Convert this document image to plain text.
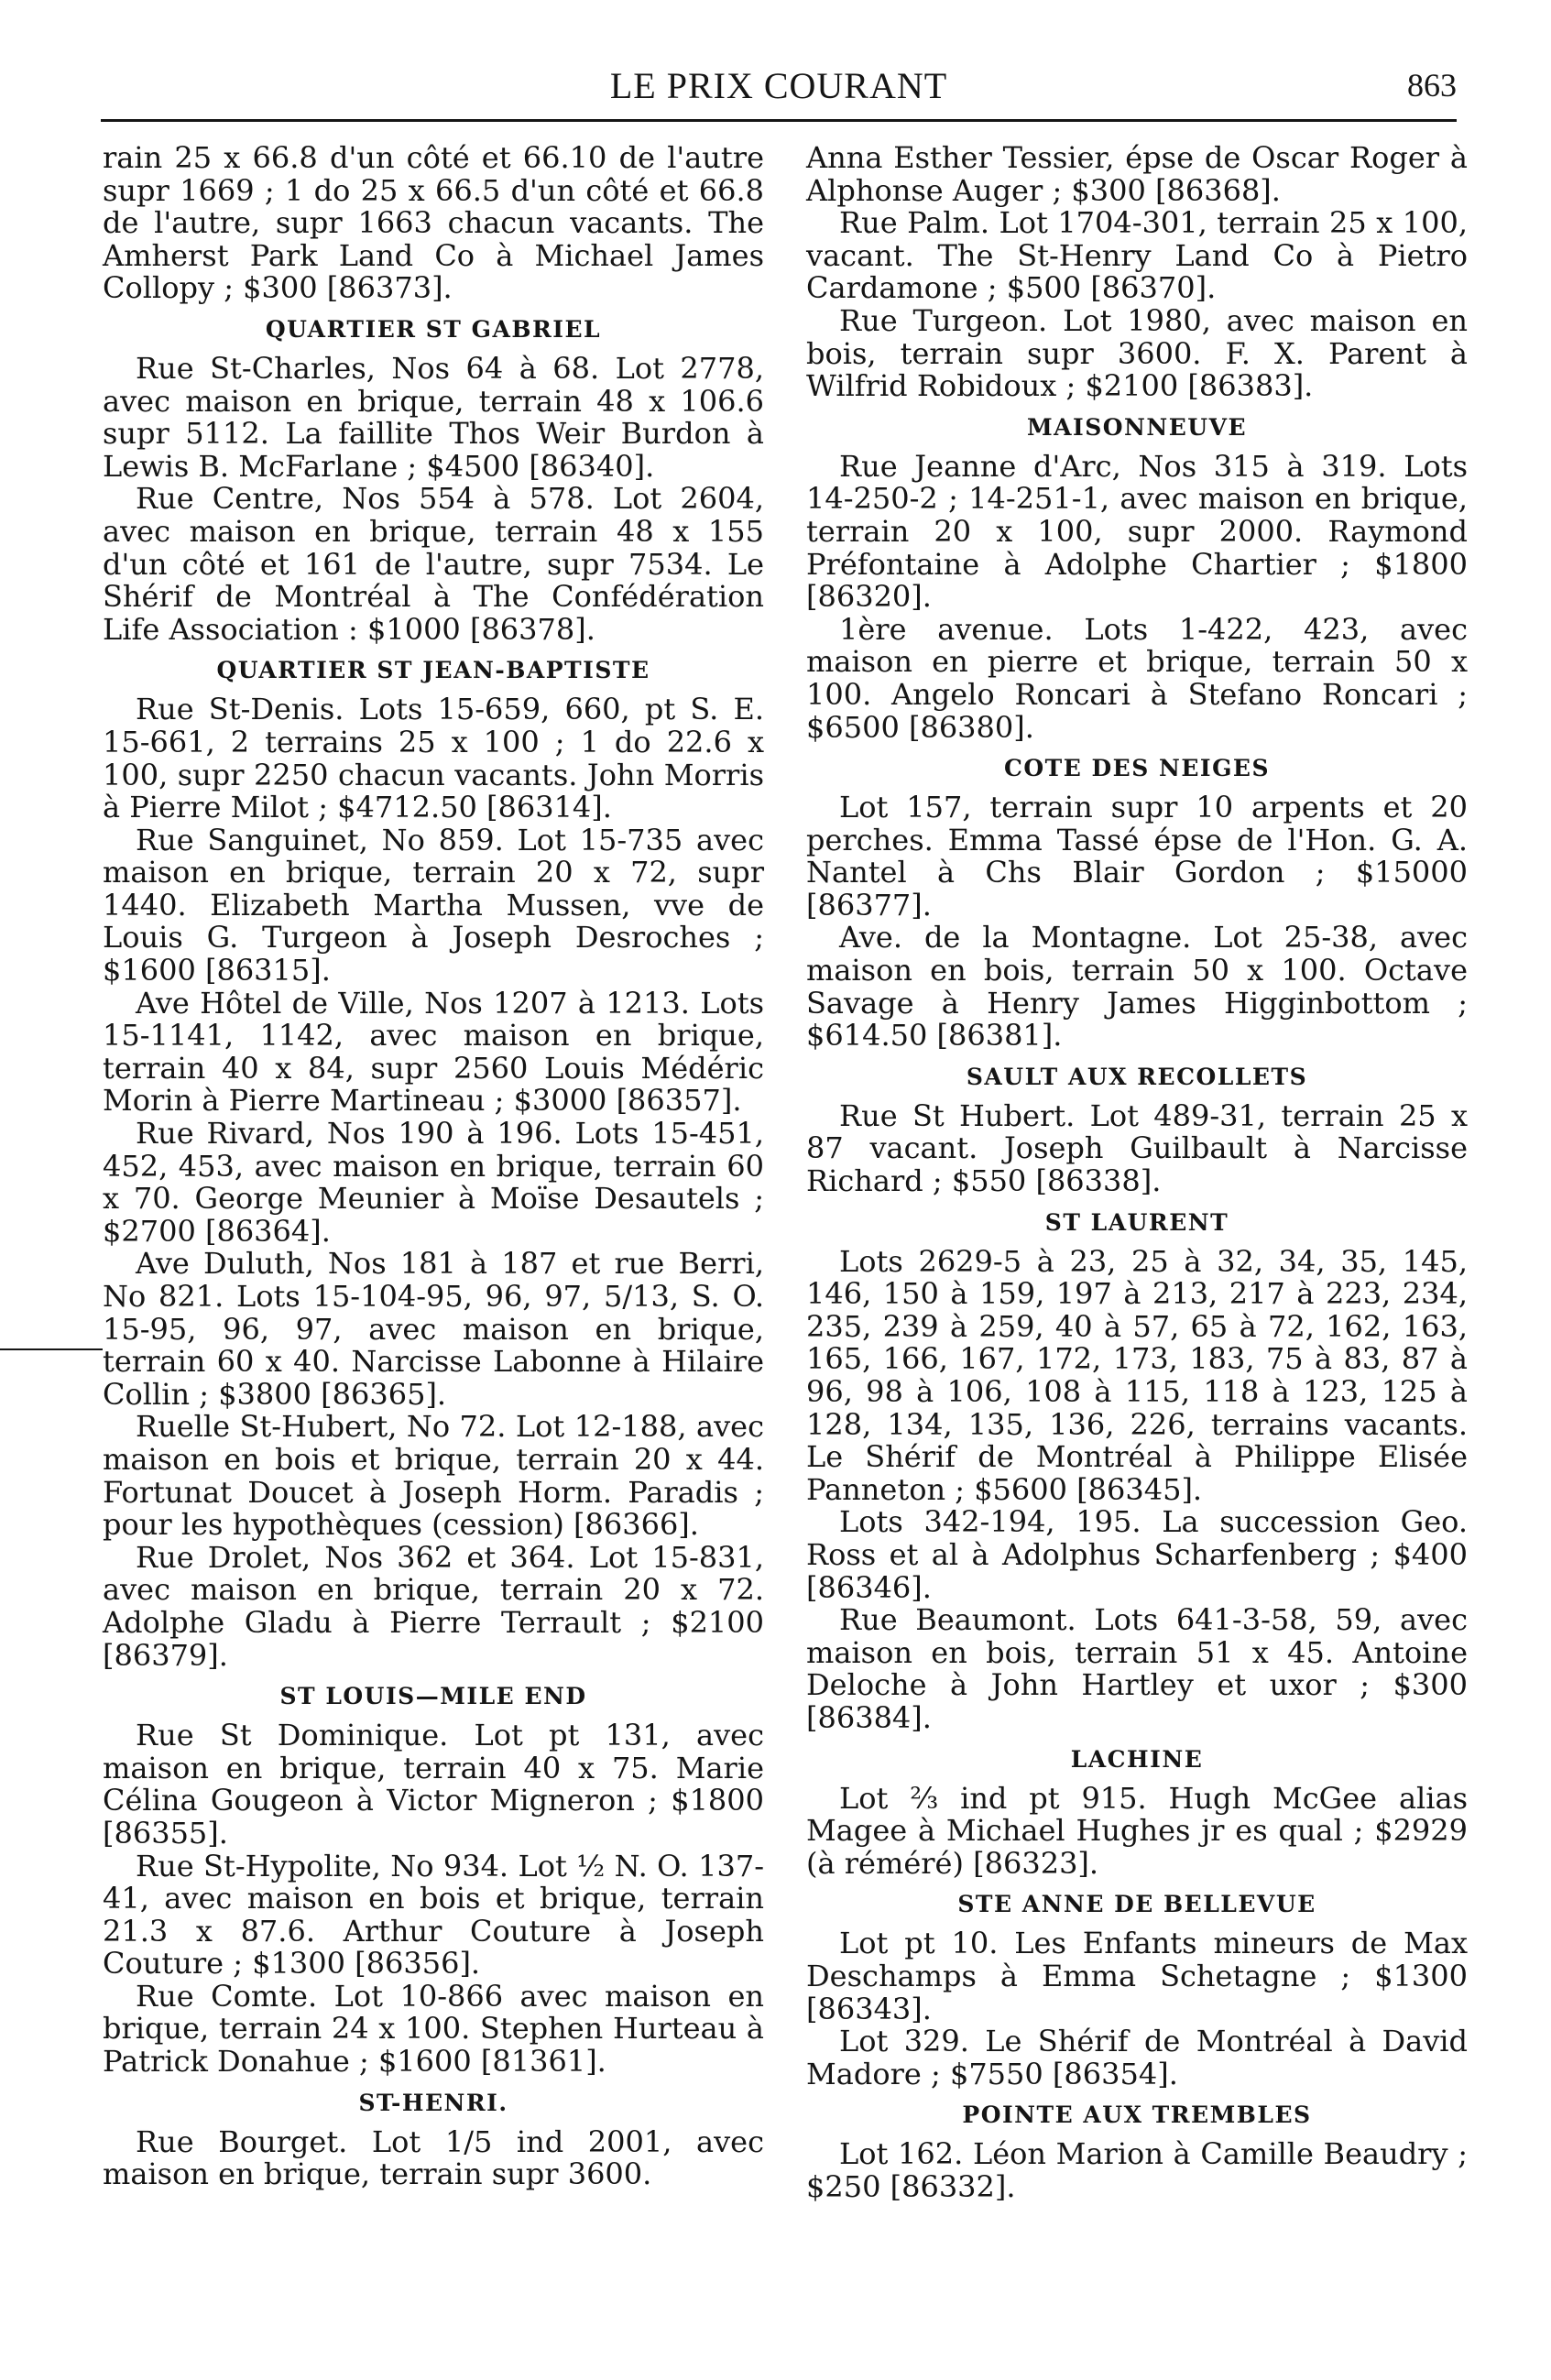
LE PRIX COURANT	863

rain 25 x 66.8 d'un côté et 66.10 de l'autre supr 1669 ; 1 do 25 x 66.5 d'un côté et 66.8 de l'autre, supr 1663 chacun vacants. The Amherst Park Land Co à Michael James Collopy ; $300 [86373].

QUARTIER ST GABRIEL

Rue St-Charles, Nos 64 à 68. Lot 2778, avec maison en brique, terrain 48 x 106.6 supr 5112. La faillite Thos Weir Burdon à Lewis B. McFarlane ; $4500 [86340].

Rue Centre, Nos 554 à 578. Lot 2604, avec maison en brique, terrain 48 x 155 d'un côté et 161 de l'autre, supr 7534. Le Shérif de Montréal à The Confédération Life Association : $1000 [86378].

QUARTIER ST JEAN-BAPTISTE

Rue St-Denis. Lots 15-659, 660, pt S. E. 15-661, 2 terrains 25 x 100 ; 1 do 22.6 x 100, supr 2250 chacun vacants. John Morris à Pierre Milot ; $4712.50 [86314].

Rue Sanguinet, No 859. Lot 15-735 avec maison en brique, terrain 20 x 72, supr 1440. Elizabeth Martha Mussen, vve de Louis G. Turgeon à Joseph Desroches ; $1600 [86315].

Ave Hôtel de Ville, Nos 1207 à 1213. Lots 15-1141, 1142, avec maison en brique, terrain 40 x 84, supr 2560 Louis Médéric Morin à Pierre Martineau ; $3000 [86357].

Rue Rivard, Nos 190 à 196. Lots 15-451, 452, 453, avec maison en brique, terrain 60 x 70. George Meunier à Moïse Desautels ; $2700 [86364].

Ave Duluth, Nos 181 à 187 et rue Berri, No 821. Lots 15-104-95, 96, 97, 5/13, S. O. 15-95, 96, 97, avec maison en brique, terrain 60 x 40. Narcisse Labonne à Hilaire Collin ; $3800 [86365].

Ruelle St-Hubert, No 72. Lot 12-188, avec maison en bois et brique, terrain 20 x 44. Fortunat Doucet à Joseph Horm. Paradis ; pour les hypothèques (cession) [86366].

Rue Drolet, Nos 362 et 364. Lot 15-831, avec maison en brique, terrain 20 x 72. Adolphe Gladu à Pierre Terrault ; $2100 [86379].

ST LOUIS—MILE END

Rue St Dominique. Lot pt 131, avec maison en brique, terrain 40 x 75. Marie Célina Gougeon à Victor Migneron ; $1800 [86355].

Rue St-Hypolite, No 934. Lot ½ N. O. 137-41, avec maison en bois et brique, terrain 21.3 x 87.6. Arthur Couture à Joseph Couture ; $1300 [86356].

Rue Comte. Lot 10-866 avec maison en brique, terrain 24 x 100. Stephen Hurteau à Patrick Donahue ; $1600 [81361].

ST-HENRI.

Rue Bourget. Lot 1/5 ind 2001, avec maison en brique, terrain supr 3600.

Anna Esther Tessier, épse de Oscar Roger à Alphonse Auger ; $300 [86368].

Rue Palm. Lot 1704-301, terrain 25 x 100, vacant. The St-Henry Land Co à Pietro Cardamone ; $500 [86370].

Rue Turgeon. Lot 1980, avec maison en bois, terrain supr 3600. F. X. Parent à Wilfrid Robidoux ; $2100 [86383].

MAISONNEUVE

Rue Jeanne d'Arc, Nos 315 à 319. Lots 14-250-2 ; 14-251-1, avec maison en brique, terrain 20 x 100, supr 2000. Raymond Préfontaine à Adolphe Chartier ; $1800 [86320].

1ère avenue. Lots 1-422, 423, avec maison en pierre et brique, terrain 50 x 100. Angelo Roncari à Stefano Roncari ; $6500 [86380].

COTE DES NEIGES

Lot 157, terrain supr 10 arpents et 20 perches. Emma Tassé épse de l'Hon. G. A. Nantel à Chs Blair Gordon ; $15000 [86377].

Ave. de la Montagne. Lot 25-38, avec maison en bois, terrain 50 x 100. Octave Savage à Henry James Higginbottom ; $614.50 [86381].

SAULT AUX RECOLLETS

Rue St Hubert. Lot 489-31, terrain 25 x 87 vacant. Joseph Guilbault à Narcisse Richard ; $550 [86338].

ST LAURENT

Lots 2629-5 à 23, 25 à 32, 34, 35, 145, 146, 150 à 159, 197 à 213, 217 à 223, 234, 235, 239 à 259, 40 à 57, 65 à 72, 162, 163, 165, 166, 167, 172, 173, 183, 75 à 83, 87 à 96, 98 à 106, 108 à 115, 118 à 123, 125 à 128, 134, 135, 136, 226, terrains vacants. Le Shérif de Montréal à Philippe Elisée Panneton ; $5600 [86345].

Lots 342-194, 195. La succession Geo. Ross et al à Adolphus Scharfenberg ; $400 [86346].

Rue Beaumont. Lots 641-3-58, 59, avec maison en bois, terrain 51 x 45. Antoine Deloche à John Hartley et uxor ; $300 [86384].

LACHINE

Lot ⅔ ind pt 915. Hugh McGee alias Magee à Michael Hughes jr es qual ; $2929 (à réméré) [86323].

STE ANNE DE BELLEVUE

Lot pt 10. Les Enfants mineurs de Max Deschamps à Emma Schetagne ; $1300 [86343].

Lot 329. Le Shérif de Montréal à David Madore ; $7550 [86354].

POINTE AUX TREMBLES

Lot 162. Léon Marion à Camille Beaudry ; $250 [86332].
